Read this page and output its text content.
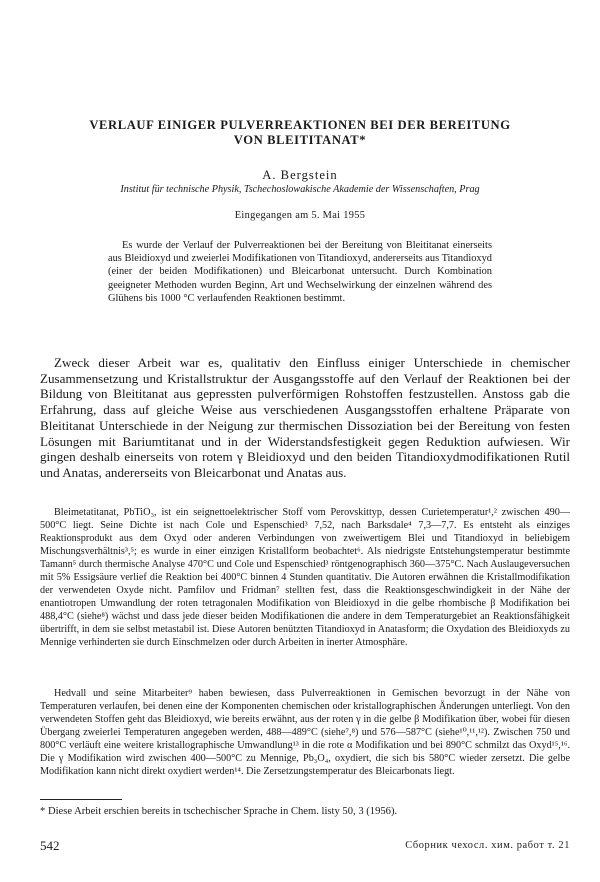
VERLAUF EINIGER PULVERREAKTIONEN BEI DER BEREITUNG
VON BLEITITANAT*
A. Bergstein
Institut für technische Physik, Tschechoslowakische Akademie der Wissenschaften, Prag
Eingegangen am 5. Mai 1955
Es wurde der Verlauf der Pulverreaktionen bei der Bereitung von Bleititanat einerseits aus Bleidioxyd und zweierlei Modifikationen von Titandioxyd, andererseits aus Titandioxyd (einer der beiden Modifikationen) und Bleicarbonat untersucht. Durch Kombination geeigneter Methoden wurden Beginn, Art und Wechselwirkung der einzelnen während des Glühens bis 1000 °C verlaufenden Reaktionen bestimmt.
Zweck dieser Arbeit war es, qualitativ den Einfluss einiger Unterschiede in chemischer Zusammensetzung und Kristallstruktur der Ausgangsstoffe auf den Verlauf der Reaktionen bei der Bildung von Bleititanat aus gepressten pulverförmigen Rohstoffen festzustellen. Anstoss gab die Erfahrung, dass auf gleiche Weise aus verschiedenen Ausgangsstoffen erhaltene Präparate von Bleititanat Unterschiede in der Neigung zur thermischen Dissoziation bei der Bereitung von festen Lösungen mit Bariumtitanat und in der Widerstandsfestigkeit gegen Reduktion aufwiesen. Wir gingen deshalb einerseits von rotem γ Bleidioxyd und den beiden Titandioxydmodifikationen Rutil und Anatas, andererseits von Bleicarbonat und Anatas aus.
Bleimetatitanat, PbTiO₃, ist ein seignettoelektrischer Stoff vom Perovskittyp, dessen Curietemperatur¹,² zwischen 490—500°C liegt. Seine Dichte ist nach Cole und Espenschied³ 7,52, nach Barksdale⁴ 7,3—7,7. Es entsteht als einziges Reaktionsprodukt aus dem Oxyd oder anderen Verbindungen von zweiwertigem Blei und Titandioxyd in beliebigem Mischungsverhältnis³,⁵; es wurde in einer einzigen Kristallform beobachtet⁶. Als niedrigste Entstehungstemperatur bestimmte Tamann⁵ durch thermische Analyse 470°C und Cole und Espenschied³ röntgenographisch 360—375°C. Nach Auslaugeversuchen mit 5% Essigsäure verlief die Reaktion bei 400°C binnen 4 Stunden quantitativ. Die Autoren erwähnen die Kristallmodifikation der verwendeten Oxyde nicht. Pamfilov und Fridman⁷ stellten fest, dass die Reaktionsgeschwindigkeit in der Nähe der enantiotropen Umwandlung der roten tetragonalen Modifikation von Bleidioxyd in die gelbe rhombische β Modifikation bei 488,4°C (siehe⁸) wächst und dass jede dieser beiden Modifikationen die andere in dem Temperaturgebiet an Reaktionsfähigkeit übertrifft, in dem sie selbst metastabil ist. Diese Autoren benützten Titandioxyd in Anatasform; die Oxydation des Bleidioxyds zu Mennige verhinderten sie durch Einschmelzen oder durch Arbeiten in inerter Atmosphäre.
Hedvall und seine Mitarbeiter⁹ haben bewiesen, dass Pulverreaktionen in Gemischen bevorzugt in der Nähe von Temperaturen verlaufen, bei denen eine der Komponenten chemischen oder kristallographischen Änderungen unterliegt. Von den verwendeten Stoffen geht das Bleidioxyd, wie bereits erwähnt, aus der roten γ in die gelbe β Modifikation über, wobei für diesen Übergang zweierlei Temperaturen angegeben werden, 488—489°C (siehe⁷,⁸) und 576—587°C (siehe¹⁰,¹¹,¹²). Zwischen 750 und 800°C verläuft eine weitere kristallographische Umwandlung¹³ in die rote α Modifikation und bei 890°C schmilzt das Oxyd¹⁵,¹⁶. Die γ Modifikation wird zwischen 400—500°C zu Mennige, Pb₃O₄, oxydiert, die sich bis 580°C wieder zersetzt. Die gelbe Modifikation kann nicht direkt oxydiert werden¹⁴. Die Zersetzungstemperatur des Bleicarbonats liegt.
* Diese Arbeit erschien bereits in tschechischer Sprache in Chem. listy 50, 3 (1956).
542	Сборник чехосл. хим. работ т. 21
